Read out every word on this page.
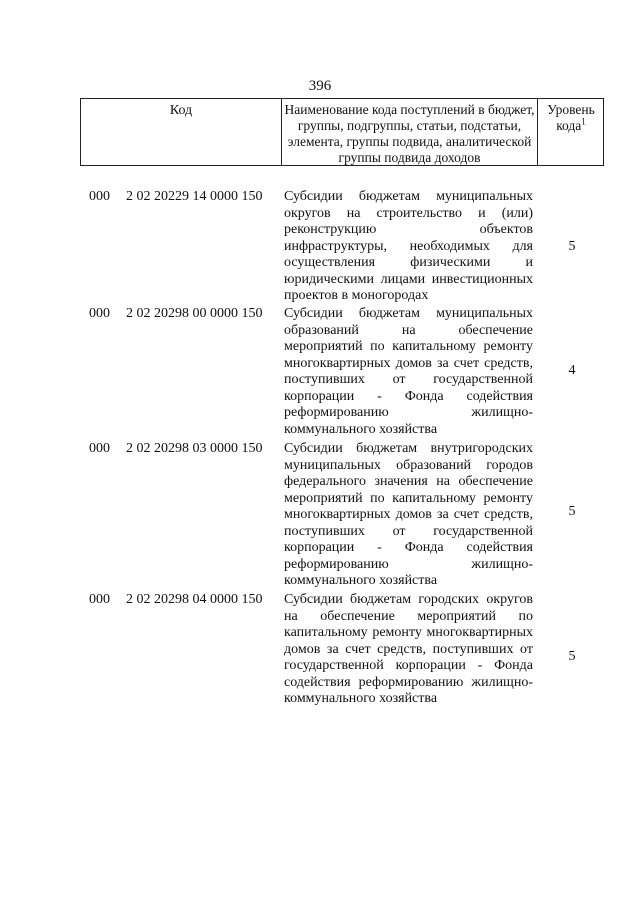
396
Код	Наименование кода поступлений в бюджет, группы, подгруппы, статьи, подстатьи, элемента, группы подвида, аналитической группы подвида доходов
Уровень кода$^1$
000 2 02 20229 14 0000 150 Субсидии бюджетам муниципальных округов на строительство и (или) реконструкцию объектов инфраструктуры, необходимых для осуществления физическими и юридическими лицами инвестиционных проектов в моногородах
5
000 2 02 20298 00 0000 150 Субсидии бюджетам муниципальных образований на обеспечение мероприятий по капитальному ремонту многоквартирных домов за счет средств, поступивших от государственной корпорации - Фонда содействия реформированию жилищно-коммунального хозяйства
4
000 2 02 20298 03 0000 150 Субсидии бюджетам внутригородских муниципальных образований городов федерального значения на обеспечение мероприятий по капитальному ремонту многоквартирных домов за счет средств, поступивших от государственной корпорации - Фонда содействия реформированию жилищно-коммунального хозяйства
5
000 2 02 20298 04 0000 150 Субсидии бюджетам городских округов на обеспечение мероприятий по капитальному ремонту многоквартирных домов за счет средств, поступивших от государственной корпорации - Фонда содействия реформированию жилищно-коммунального хозяйства
5
